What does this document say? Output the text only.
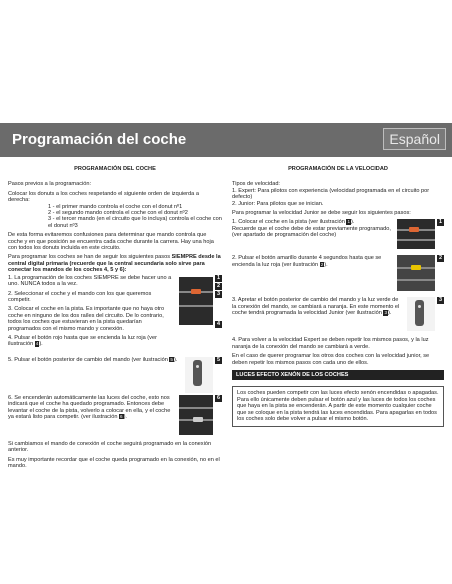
Programación del coche	Español
PROGRAMACIÓN DEL COCHE

Pasos previos a la programación:

Colocar los donuts a los coches respetando el siguiente orden de izquierda a derecha:

1 - el primer mando controla el coche con el donut nº1

2 - el segundo mando controla el coche con el donut nº2

3 - el tercer mando (en el circuito que lo incluya) controla el coche con el donut nº3

De esta forma evitaremos confusiones para determinar que mando controla que coche y en que posición se encuentra cada coche durante la carrera. Hay una hoja con todos los donuts incluida en este circuito.

Para programar los coches se han de seguir los siguientes pasos SIEMPRE desde la central digital primaria (recuerde que la central secundaria solo sirve para conectar los mandos de los coches 4, 5 y 6):

1. La programación de los coches SIEMPRE se debe hacer uno a uno. NUNCA todos a la vez.

2. Seleccionar el coche y el mando con los que queremos competir.

3. Colocar el coche en la pista. Es importante que no haya otro coche en ninguno de los dos raíles del circuito. De lo contrario, todos los coches que estuvieran en la pista quedarían programados con el mismo mando y conexión.

4. Pulsar el botón rojo hasta que se encienda la luz roja (ver ilustración 4).

1
2
3
4

5. Pulsar el botón posterior de cambio del mando (ver ilustración 5).	5

6. Se encenderán automáticamente las luces del coche, esto nos indicará que el coche ha quedado programado. Entonces debe levantar el coche de la pista, volverlo a colocar en ella, y el coche ya estará listo para competir. (ver ilustración 6).

6

Si cambiamos el mando de conexión el coche seguirá programado en la conexión anterior.

Es muy importante recordar que el coche queda programado en la conexión, no en el mando.

PROGRAMACIÓN DE LA VELOCIDAD

Tipos de velocidad:

1. Expert: Para pilotos con experiencia (velocidad programada en el circuito por defecto)

2. Junior: Para pilotos que se inician.

Para programar la velocidad Junior se debe seguir los siguientes pasos:

1. Colocar el coche en la pista (ver ilustración 1).

Recuerde que el coche debe de estar previamente programado, (ver apartado de programación del coche)

1

2. Pulsar el botón amarillo durante 4 segundos hasta que se encienda la luz roja (ver ilustración 2).

2

3. Apretar el botón posterior de cambio del mando y la luz verde de la conexión del mando, se cambiará a naranja. En este momento el coche tendrá programada la velocidad Junior (ver ilustración 3).

3

4. Para volver a la velocidad Expert se deben repetir los mismos pasos, y la luz naranja de la conexión del mando se cambiará a verde.

En el caso de querer programar los otros dos coches con la velocidad junior, se deben repetir los mismos pasos con cada uno de ellos.

LUCES EFECTO XENÓN DE LOS COCHES

Los coches pueden competir con las luces efecto xenón encendidas o apagadas. Para ello únicamente deben pulsar el botón azul y las luces de todos los coches que haya en la pista se encenderán. A partir de este momento cualquier coche que se coloque en la pista tendrá las luces encendidas. Para apagarlas en todos los coches solo debe volver a pulsar el mismo botón.
